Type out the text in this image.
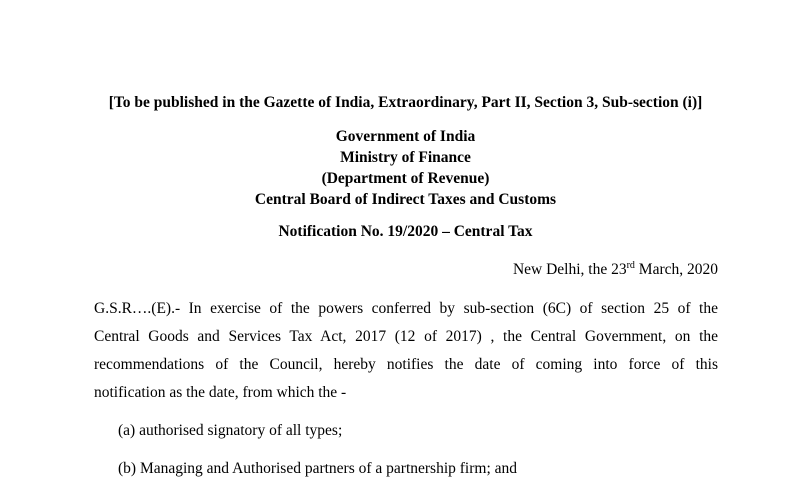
[To be published in the Gazette of India, Extraordinary, Part II, Section 3, Sub-section (i)]
Government of India
Ministry of Finance
(Department of Revenue)
Central Board of Indirect Taxes and Customs
Notification No. 19/2020 – Central Tax
New Delhi, the 23rd March, 2020
G.S.R….(E).- In exercise of the powers conferred by sub-section (6C) of section 25 of the
Central Goods and Services Tax Act, 2017 (12 of 2017) , the Central Government, on the
recommendations of the Council, hereby notifies the date of coming into force of this
notification as the date, from which the -
(a) authorised signatory of all types;
(b) Managing and Authorised partners of a partnership firm; and
